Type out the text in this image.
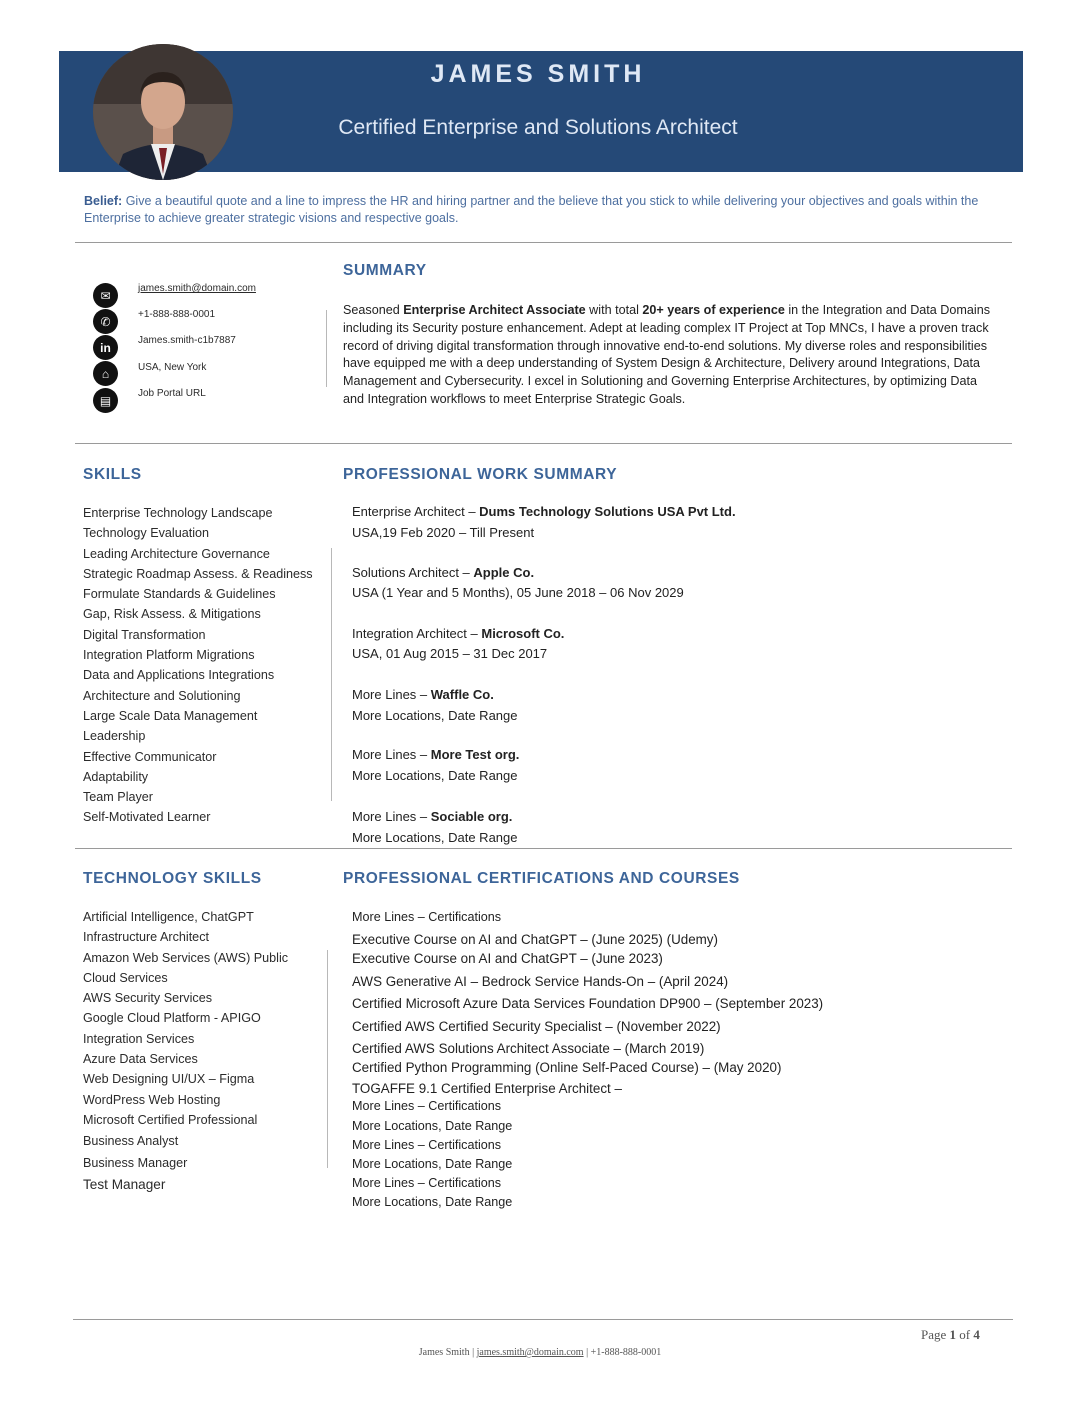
JAMES SMITH
Certified Enterprise and Solutions Architect
Belief: Give a beautiful quote and a line to impress the HR and hiring partner and the believe that you stick to while delivering your objectives and goals within the Enterprise to achieve greater strategic visions and respective goals.
✉
✆
in
⌂
▤
james.smith@domain.com
+1-888-888-0001
James.smith-c1b7887
USA, New York
Job Portal URL
SUMMARY
Seasoned Enterprise Architect Associate with total 20+ years of experience in the Integration and Data Domains including its Security posture enhancement. Adept at leading complex IT Project at Top MNCs, I have a proven track record of driving digital transformation through innovative end-to-end solutions. My diverse roles and responsibilities have equipped me with a deep understanding of System Design & Architecture, Delivery around Integrations, Data Management and Cybersecurity. I excel in Solutioning and Governing Enterprise Architectures, by optimizing Data and Integration workflows to meet Enterprise Strategic Goals.
SKILLS
Enterprise Technology Landscape
Technology Evaluation
Leading Architecture Governance
Strategic Roadmap Assess. & Readiness
Formulate Standards & Guidelines
Gap, Risk Assess. & Mitigations
Digital Transformation
Integration Platform Migrations
Data and Applications Integrations
Architecture and Solutioning
Large Scale Data Management
Leadership
Effective Communicator
Adaptability
Team Player
Self-Motivated Learner
PROFESSIONAL WORK SUMMARY
Enterprise Architect – Dums Technology Solutions USA Pvt Ltd.
USA,19 Feb 2020 – Till Present
Solutions Architect – Apple Co.
USA (1 Year and 5 Months), 05 June 2018 – 06 Nov 2029
Integration Architect – Microsoft Co.
USA, 01 Aug 2015 – 31 Dec 2017
More Lines – Waffle Co.
More Locations, Date Range
More Lines – More Test org.
More Locations, Date Range
More Lines – Sociable org.
More Locations, Date Range
TECHNOLOGY SKILLS
Artificial Intelligence, ChatGPT
Infrastructure Architect
Amazon Web Services (AWS) Public
Cloud Services
AWS Security Services
Google Cloud Platform - APIGO
Integration Services
Azure Data Services
Web Designing UI/UX – Figma
WordPress Web Hosting
Microsoft Certified Professional
Business Analyst
Business Manager
Test Manager
PROFESSIONAL CERTIFICATIONS AND COURSES
More Lines – Certifications
Executive Course on AI and ChatGPT – (June 2025) (Udemy)
Executive Course on AI and ChatGPT – (June 2023)
AWS Generative AI – Bedrock Service Hands-On – (April 2024)
Certified Microsoft Azure Data Services Foundation DP900 – (September 2023)
Certified AWS Certified Security Specialist – (November 2022)
Certified AWS Solutions Architect Associate – (March 2019)
Certified Python Programming (Online Self-Paced Course) – (May 2020)
TOGAFFE 9.1 Certified Enterprise Architect –
More Lines – Certifications
More Locations, Date Range
More Lines – Certifications
More Locations, Date Range
More Lines – Certifications
More Locations, Date Range
Page 1 of 4
James Smith | james.smith@domain.com | +1-888-888-0001
